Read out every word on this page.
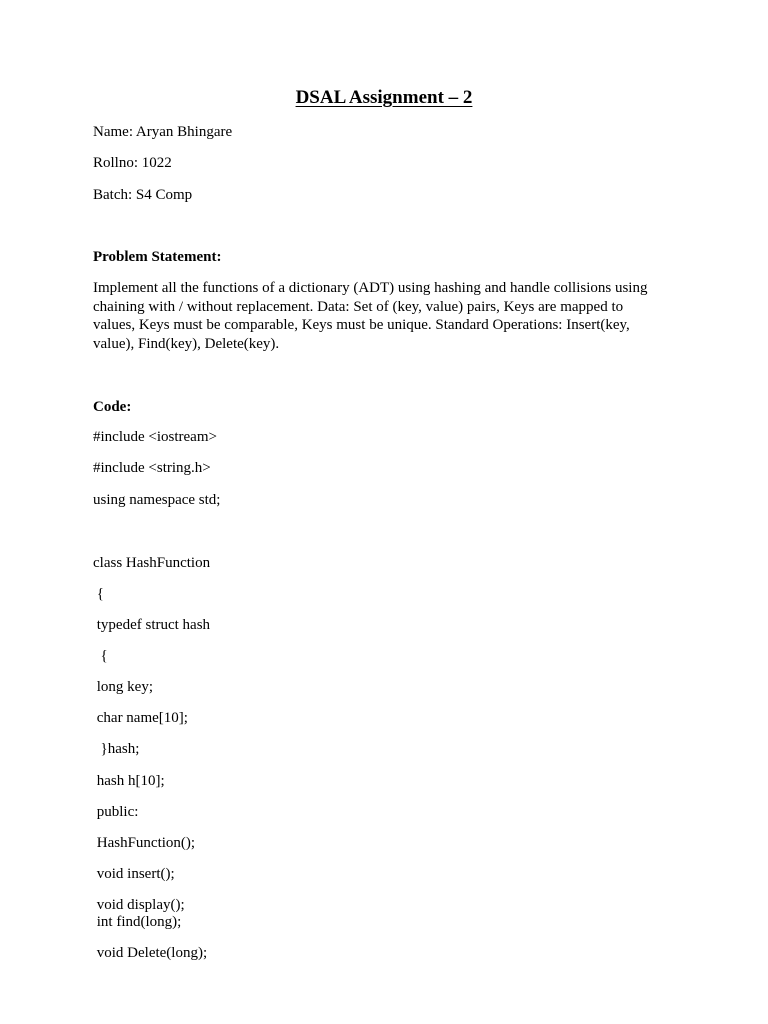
DSAL Assignment – 2
Name: Aryan Bhingare
Rollno: 1022
Batch: S4 Comp
Problem Statement:
Implement all the functions of a dictionary (ADT) using hashing and handle collisions using
chaining with / without replacement. Data: Set of (key, value) pairs, Keys are mapped to
values, Keys must be comparable, Keys must be unique. Standard Operations: Insert(key,
value), Find(key), Delete(key).
Code:
#include <iostream>
#include <string.h>
using namespace std;
class HashFunction
{
typedef struct hash
{
long key;
char name[10];
}hash;
hash h[10];
public:
HashFunction();
void insert();
void display();
int find(long);
void Delete(long);
